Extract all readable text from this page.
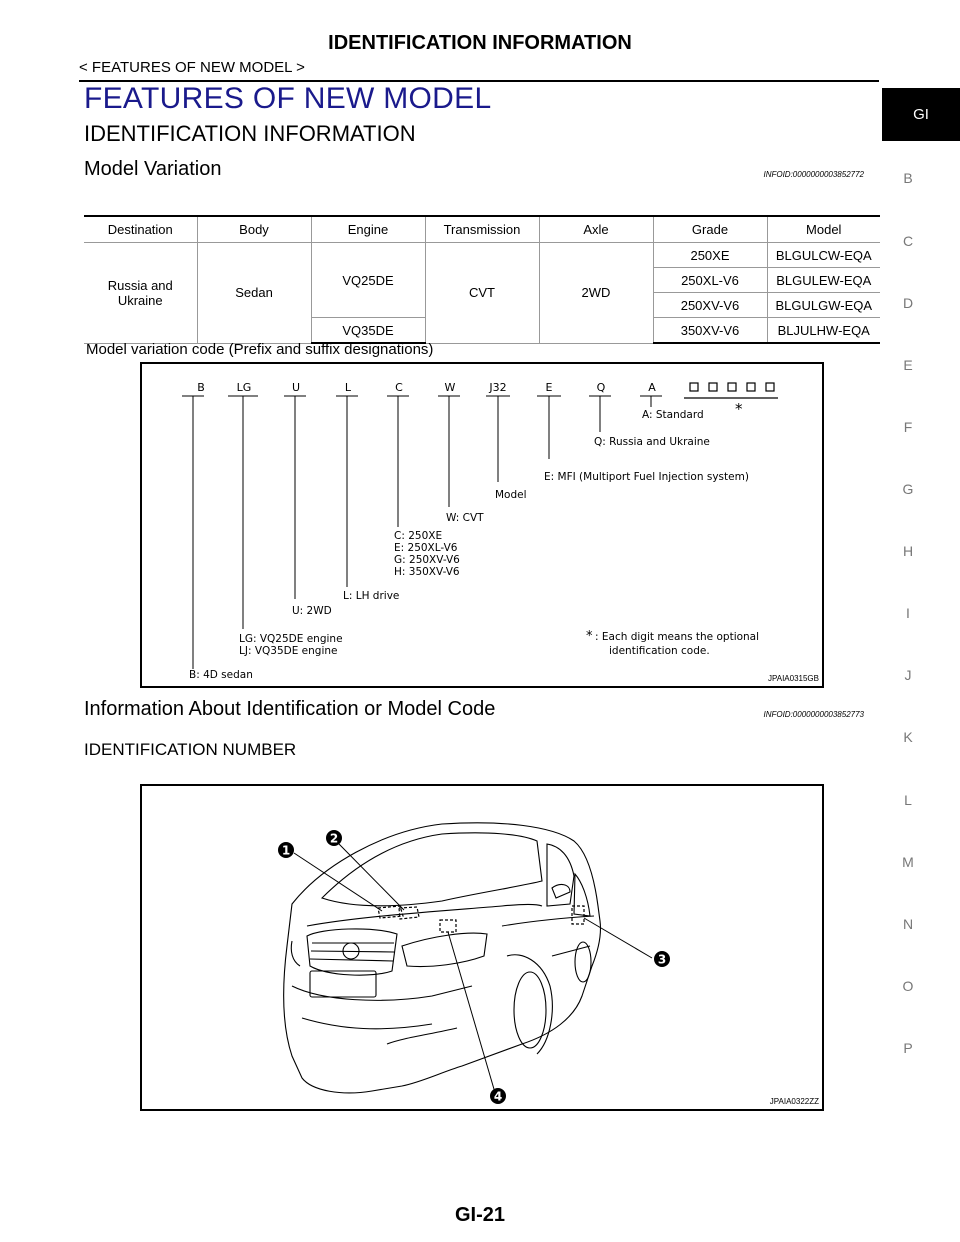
IDENTIFICATION INFORMATION
< FEATURES OF NEW MODEL >
FEATURES OF NEW MODEL
IDENTIFICATION INFORMATION
Model Variation	INFOID:0000000003852772
GI
B
C
D
E
F
G
H
I
J
K
L
M
N
O
P
Destination	Body	Engine	Transmission	Axle	Grade	Model
Russia and Ukraine	Sedan	VQ25DE	CVT	2WD	250XE	BLGULCW-EQA
					250XL-V6	BLGULEW-EQA
					250XV-V6	BLGULGW-EQA
		VQ35DE			350XV-V6	BLJULHW-EQA
Model variation code (Prefix and suffix designations)
B	LG	U	L	C	W	J32	E	Q	A
A: Standard *
Q: Russia and Ukraine
E: MFI (Multiport Fuel Injection system)
Model
W: CVT
C: 250XE
E: 250XL-V6
G: 250XV-V6
H: 350XV-V6
L: LH drive
U: 2WD
LG: VQ25DE engine
LJ: VQ35DE engine
B: 4D sedan
* : Each digit means the optional
identification code.
JPAIA0315GB
Information About Identification or Model Code	INFOID:0000000003852773
IDENTIFICATION NUMBER
1
2
3
4	JPAIA0322ZZ
GI-21
